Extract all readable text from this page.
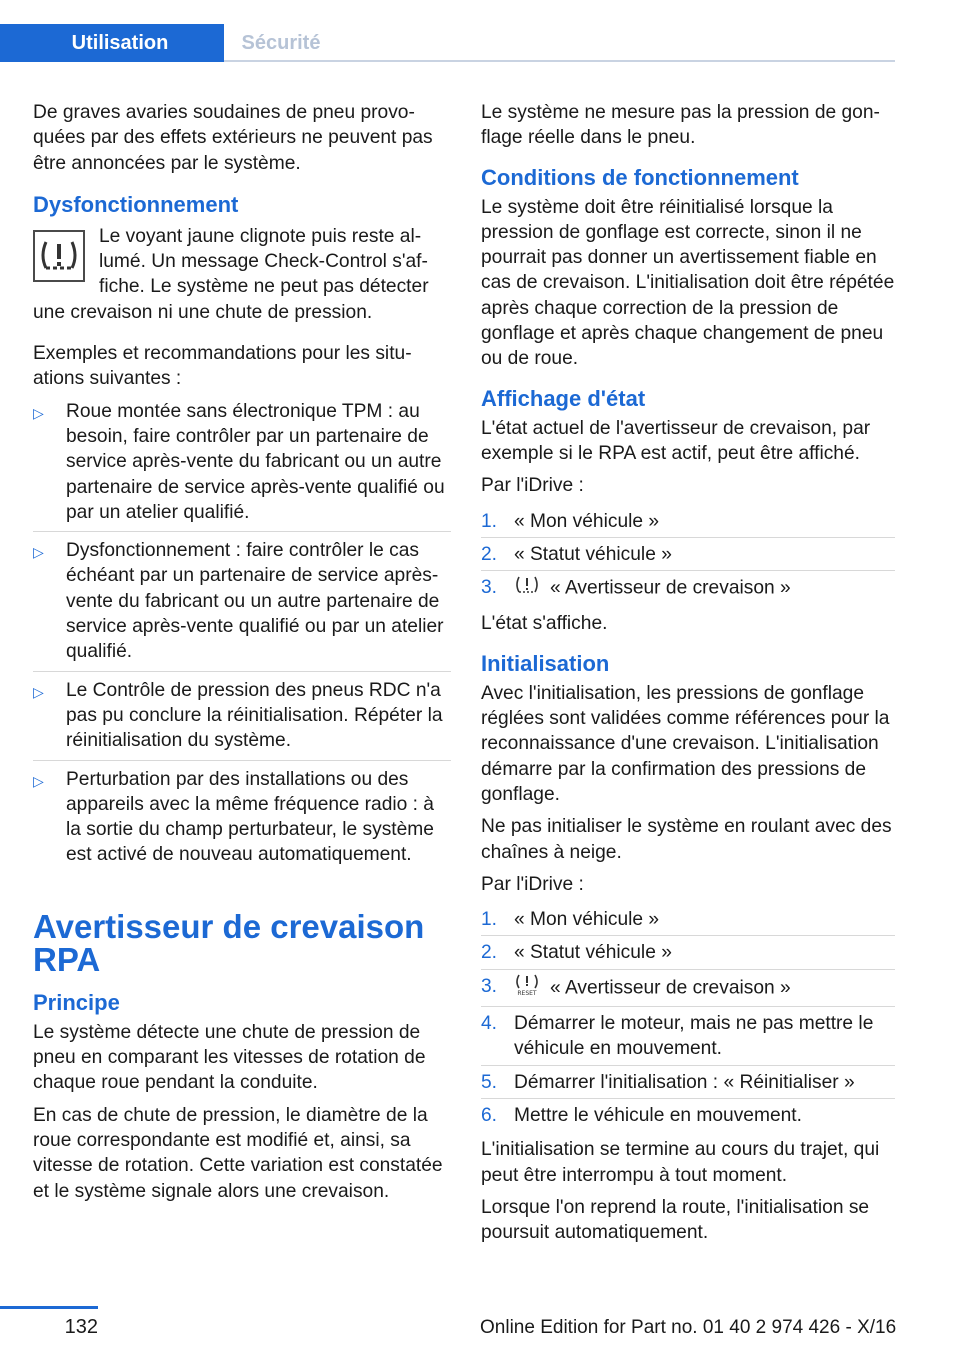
Utilisation	Sécurité

De graves avaries soudaines de pneu provoquées par des effets extérieurs ne peuvent pas être annoncées par le système.

Dysfonctionnement

Le voyant jaune clignote puis reste allumé. Un message Check-Control s'affiche. Le système ne peut pas détecter une crevaison ni une chute de pression.

Exemples et recommandations pour les situations suivantes :

▷ Roue montée sans électronique TPM : au besoin, faire contrôler par un partenaire de service après-vente du fabricant ou un autre partenaire de service après-vente qualifié ou par un atelier qualifié.
▷ Dysfonctionnement : faire contrôler le cas échéant par un partenaire de service après-vente du fabricant ou un autre partenaire de service après-vente qualifié ou par un atelier qualifié.
▷ Le Contrôle de pression des pneus RDC n'a pas pu conclure la réinitialisation. Répéter la réinitialisation du système.
▷ Perturbation par des installations ou des appareils avec la même fréquence radio : à la sortie du champ perturbateur, le système est activé de nouveau automatiquement.
Avertisseur de crevaison RPA
Principe

Le système détecte une chute de pression de pneu en comparant les vitesses de rotation de chaque roue pendant la conduite.

En cas de chute de pression, le diamètre de la roue correspondante est modifié et, ainsi, sa vitesse de rotation. Cette variation est constatée et le système signale alors une crevaison.

Le système ne mesure pas la pression de gonflage réelle dans le pneu.

Conditions de fonctionnement

Le système doit être réinitialisé lorsque la pression de gonflage est correcte, sinon il ne pourrait pas donner un avertissement fiable en cas de crevaison. L'initialisation doit être répétée après chaque correction de la pression de gonflage et après chaque changement de pneu ou de roue.

Affichage d'état

L'état actuel de l'avertisseur de crevaison, par exemple si le RPA est actif, peut être affiché.

Par l'iDrive :

1. « Mon véhicule »
2. « Statut véhicule »
3.	« Avertisseur de crevaison »

L'état s'affiche.

Initialisation

Avec l'initialisation, les pressions de gonflage réglées sont validées comme références pour la reconnaissance d'une crevaison. L'initialisation démarre par la confirmation des pressions de gonflage.

Ne pas initialiser le système en roulant avec des chaînes à neige.

Par l'iDrive :

1. « Mon véhicule »
2. « Statut véhicule »
3.	RESET « Avertisseur de crevaison »
4. Démarrer le moteur, mais ne pas mettre le véhicule en mouvement.
5. Démarrer l'initialisation : « Réinitialiser »
6. Mettre le véhicule en mouvement.

L'initialisation se termine au cours du trajet, qui peut être interrompu à tout moment.

Lorsque l'on reprend la route, l'initialisation se poursuit automatiquement.

132	Online Edition for Part no. 01 40 2 974 426 - X/16
